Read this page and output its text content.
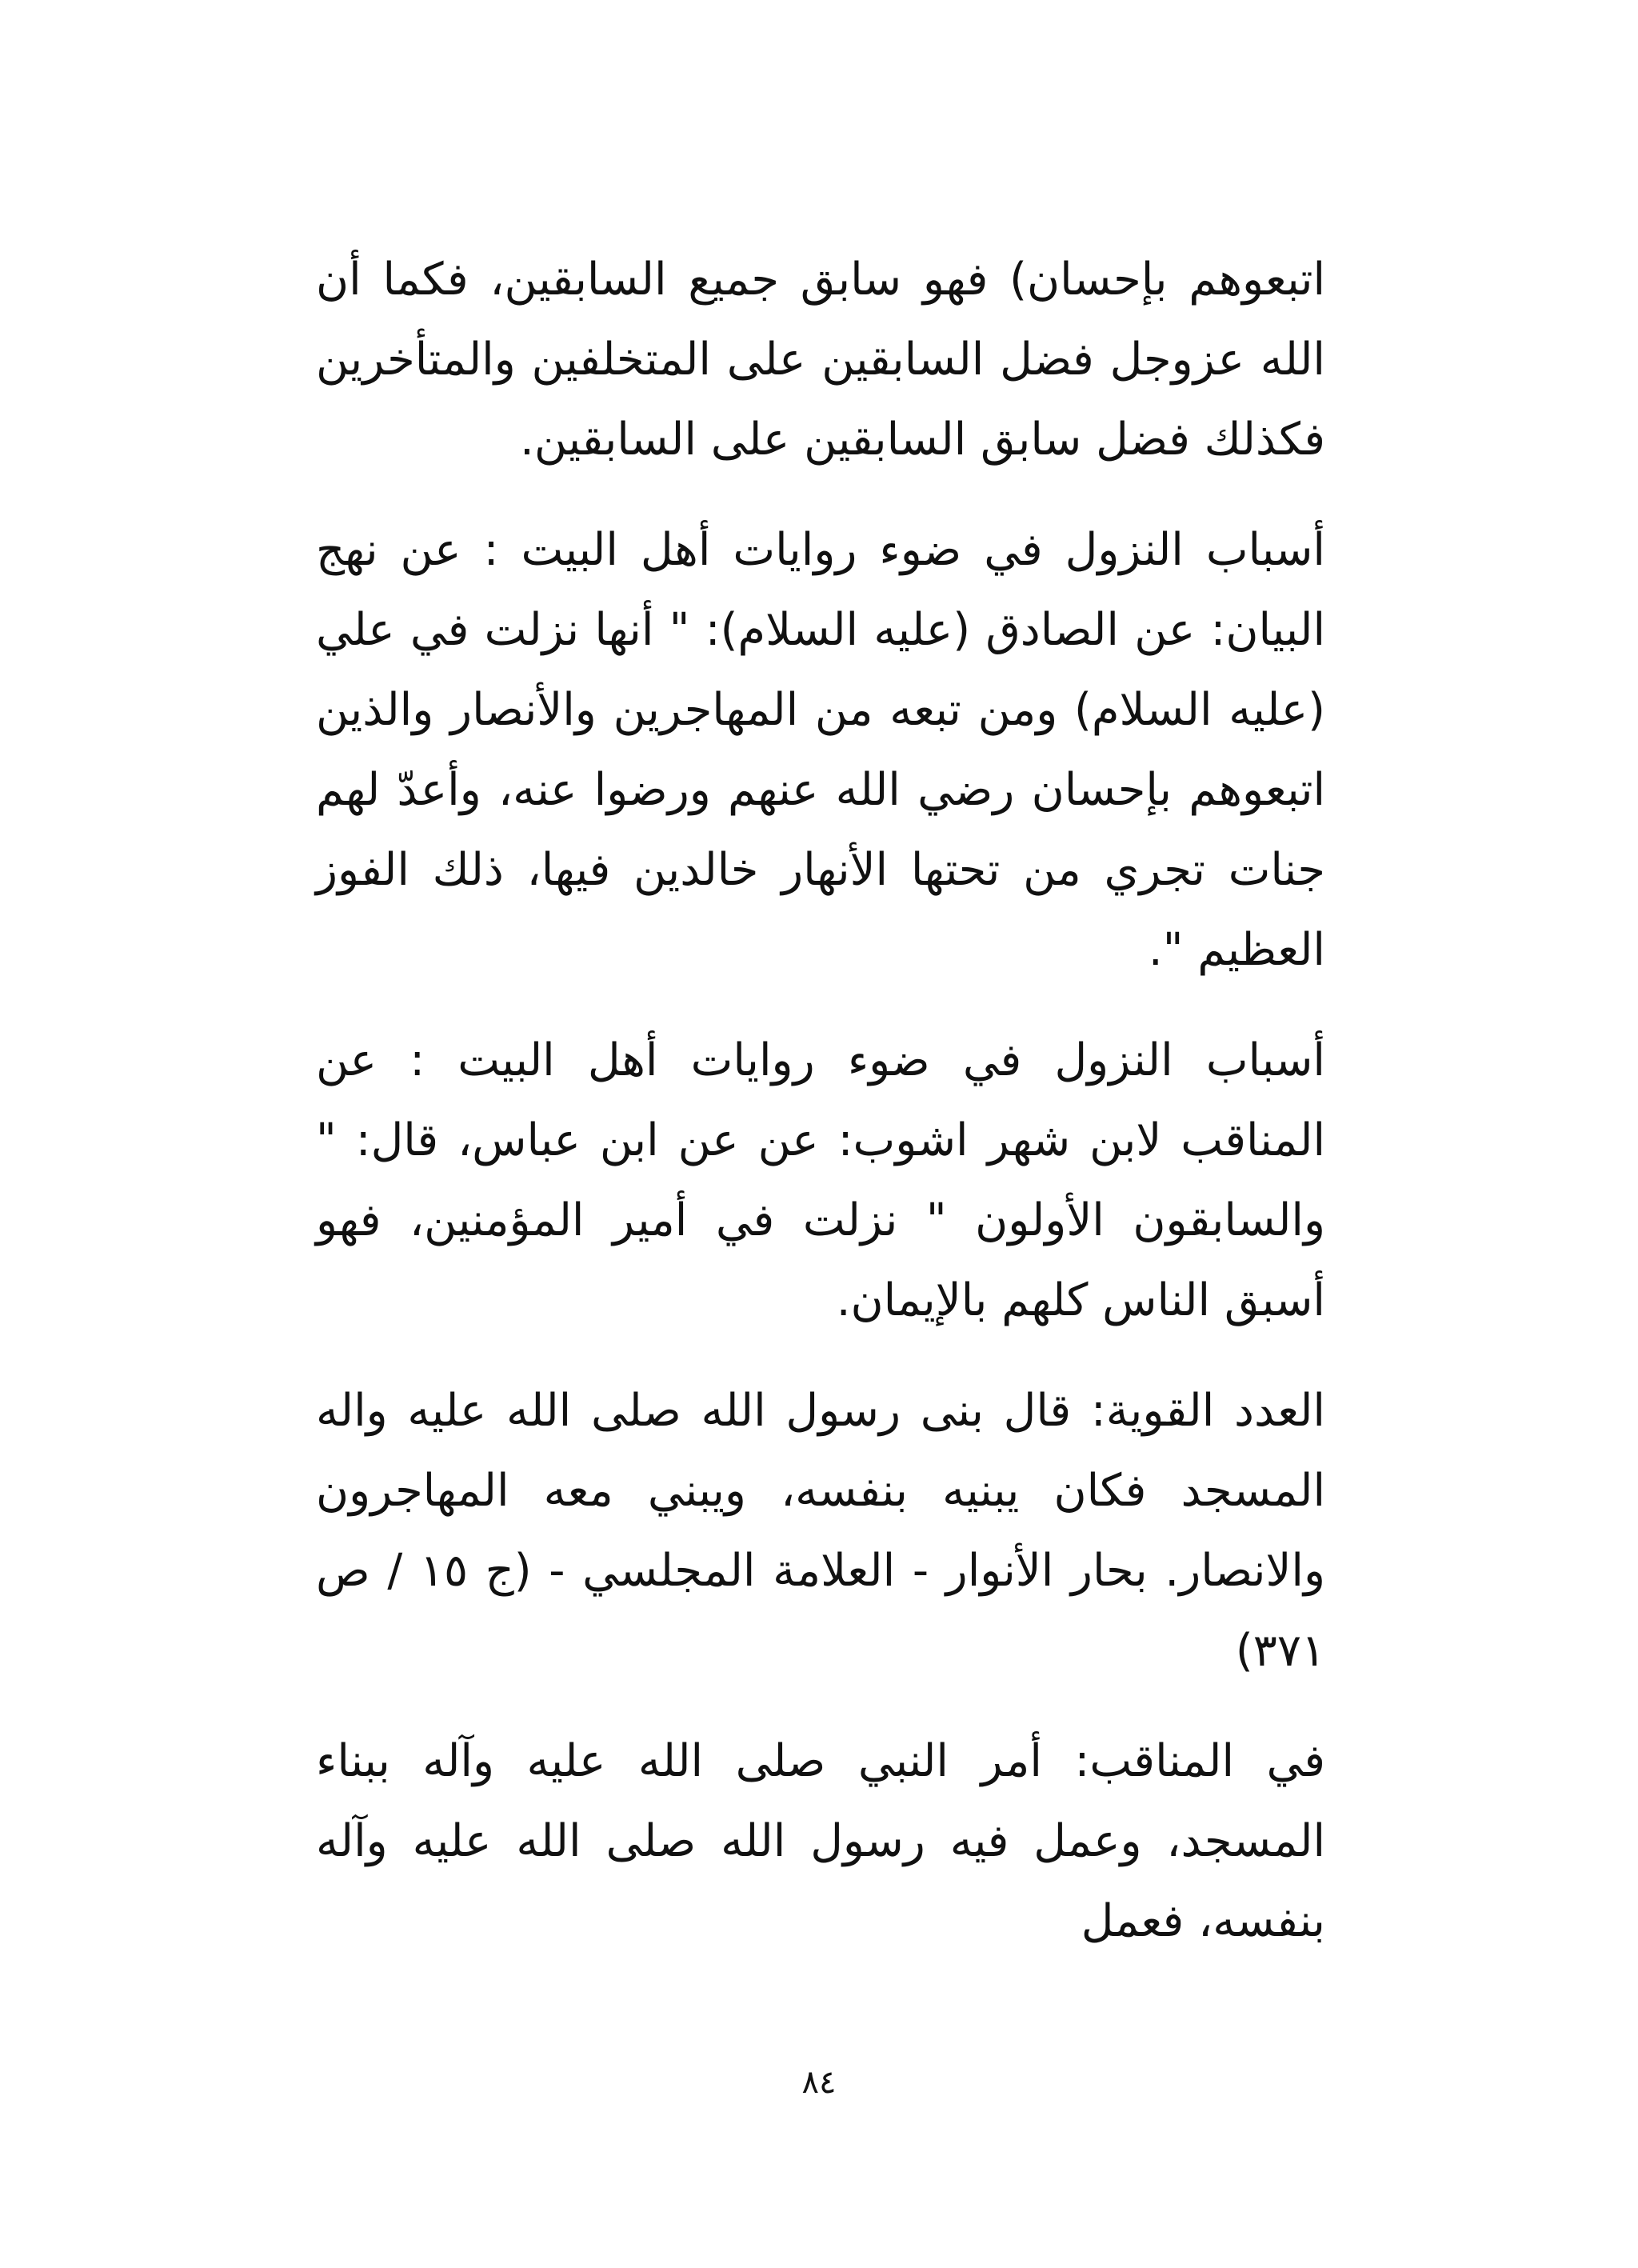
اتبعوهم بإحسان) فهو سابق جميع السابقين، فكما أن الله عزوجل فضل السابقين على المتخلفين والمتأخرين فكذلك فضل سابق السابقين على السابقين.

أسباب النزول في ضوء روايات أهل البيت : عن نهج البيان: عن الصادق (عليه السلام): " أنها نزلت في علي (عليه السلام) ومن تبعه من المهاجرين والأنصار والذين اتبعوهم بإحسان رضي الله عنهم ورضوا عنه، وأعدّ لهم جنات تجري من تحتها الأنهار خالدين فيها، ذلك الفوز العظيم ".

أسباب النزول في ضوء روايات أهل البيت : عن المناقب لابن شهر اشوب: عن عن ابن عباس، قال: " والسابقون الأولون " نزلت في أمير المؤمنين، فهو أسبق الناس كلهم بالإيمان.

العدد القوية: قال بنى رسول الله صلى الله عليه واله المسجد فكان يبنيه بنفسه، ويبني معه المهاجرون والانصار. بحار الأنوار - العلامة المجلسي - (ج ١٥ / ص ٣٧١)

في المناقب: أمر النبي صلى الله عليه وآله ببناء المسجد، وعمل فيه رسول الله صلى الله عليه وآله بنفسه، فعمل

٨٤
